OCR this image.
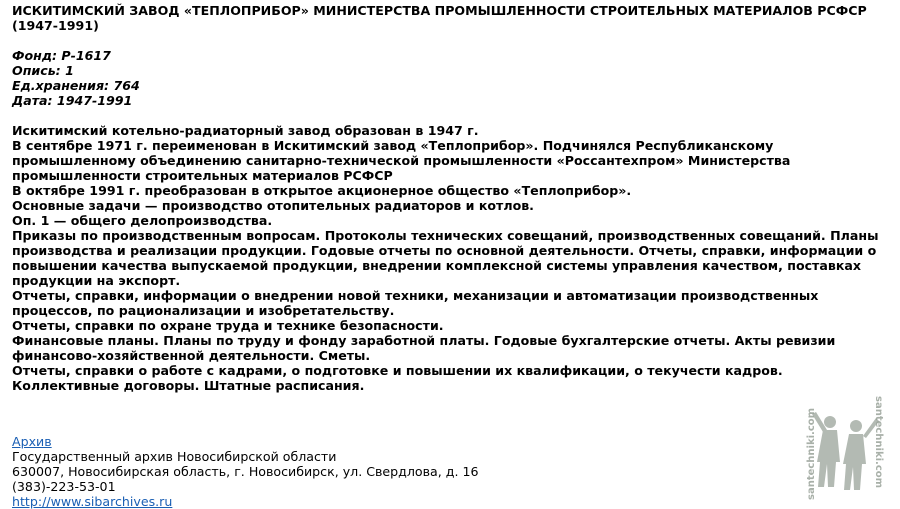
ИСКИТИМСКИЙ ЗАВОД «ТЕПЛОПРИБОР» МИНИСТЕРСТВА ПРОМЫШЛЕННОСТИ СТРОИТЕЛЬНЫХ МАТЕРИАЛОВ РСФСР (1947-1991)
Фонд: Р-1617
Опись: 1
Ед.хранения: 764
Дата: 1947-1991
Искитимский котельно-радиаторный завод образован в 1947 г.
В сентябре 1971 г. переименован в Искитимский завод «Теплоприбор». Подчинялся Республиканскому промышленному объединению санитарно-технической промышленности «Россантехпром» Министерства промышленности строительных материалов РСФСР
В октябре 1991 г. преобразован в открытое акционерное общество «Теплоприбор».
Основные задачи — производство отопительных радиаторов и котлов.
Оп. 1 — общего делопроизводства.
Приказы по производственным вопросам. Протоколы технических совещаний, производственных совещаний. Планы производства и реализации продукции. Годовые отчеты по основной деятельности. Отчеты, справки, информации о повышении качества выпускаемой продукции, внедрении комплексной системы управления качеством, поставках продукции на экспорт.
Отчеты, справки, информации о внедрении новой техники, механизации и автоматизации производственных процессов, по рационализации и изобретательству.
Отчеты, справки по охране труда и технике безопасности.
Финансовые планы. Планы по труду и фонду заработной платы. Годовые бухгалтерские отчеты. Акты ревизии финансово-хозяйственной деятельности. Сметы.
Отчеты, справки о работе с кадрами, о подготовке и повышении их квалификации, о текучести кадров. Коллективные договоры. Штатные расписания.
Архив
Государственный архив Новосибирской области
630007, Новосибирская область, г. Новосибирск, ул. Свердлова, д. 16
(383)-223-53-01
http://www.sibarchives.ru
santechniki.com	santechniki.com
